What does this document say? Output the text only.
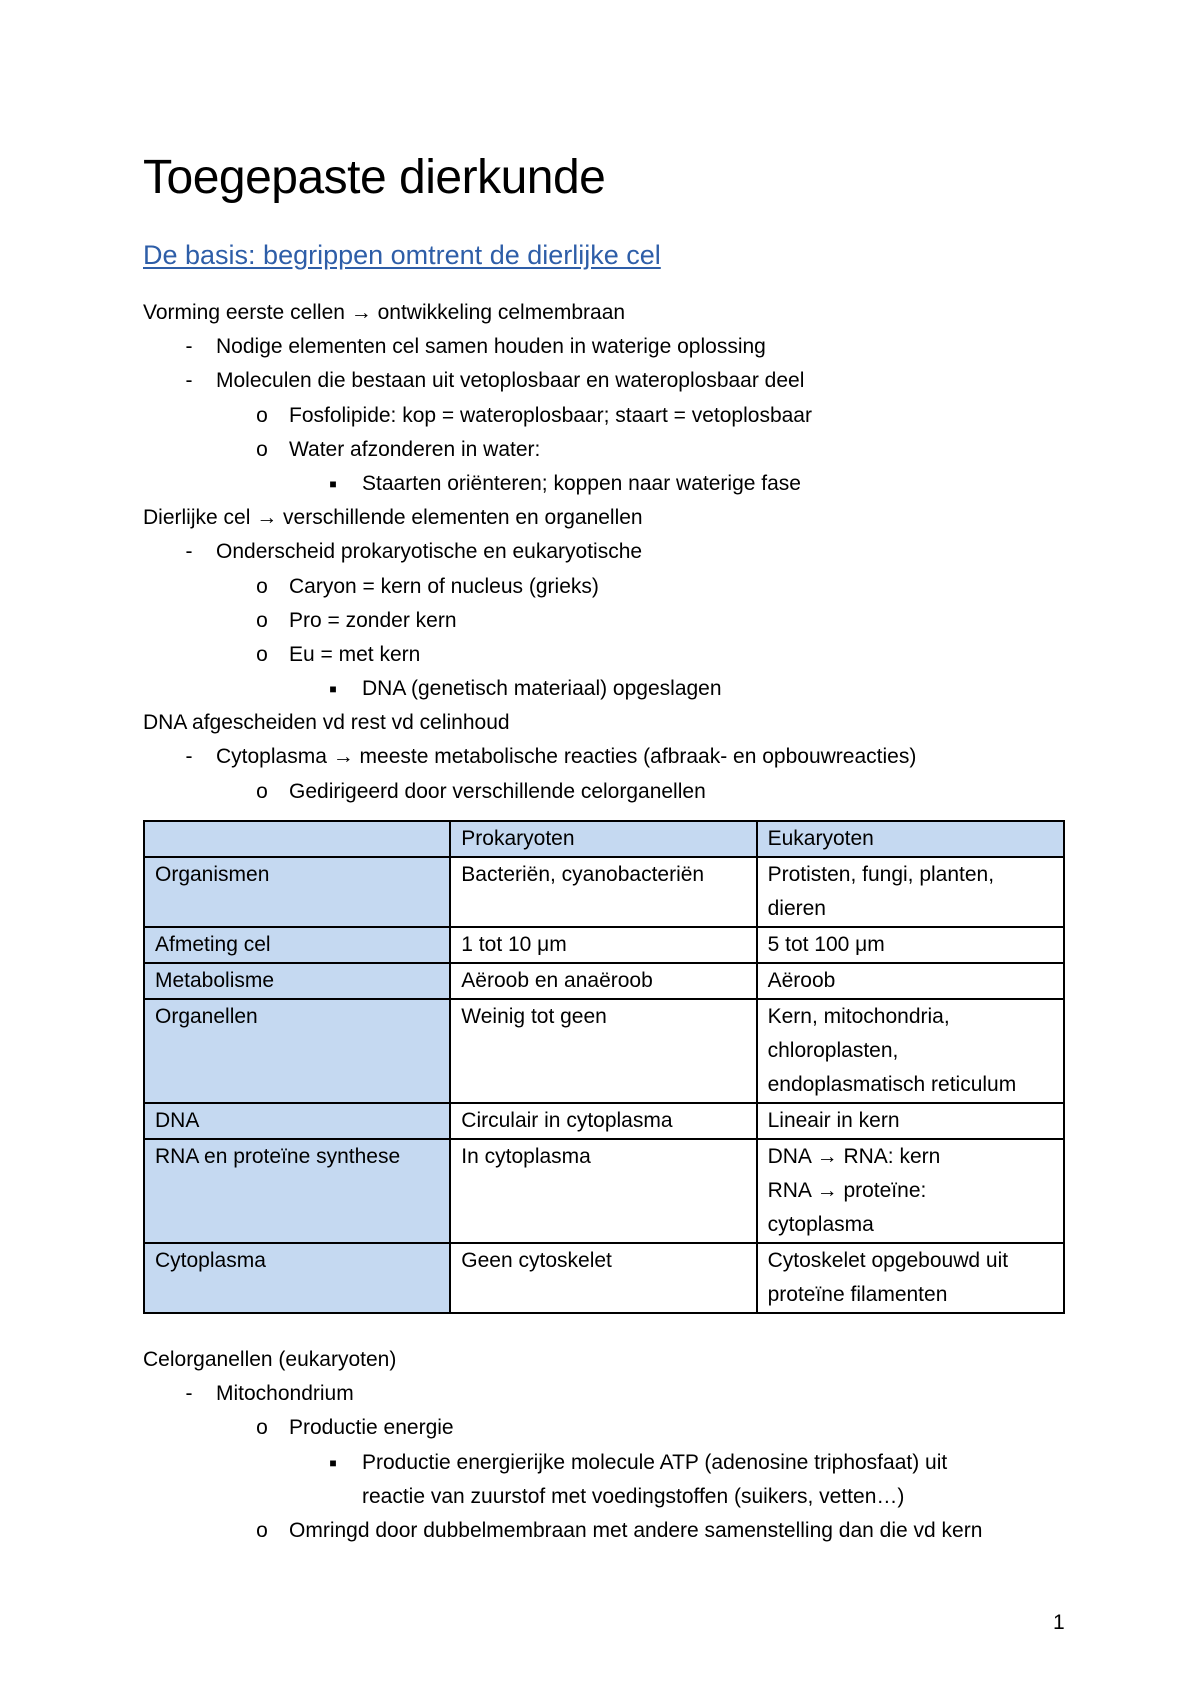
Toegepaste dierkunde
De basis: begrippen omtrent de dierlijke cel
Vorming eerste cellen → ontwikkeling celmembraan
- Nodige elementen cel samen houden in waterige oplossing
- Moleculen die bestaan uit vetoplosbaar en wateroplosbaar deel
o Fosfolipide: kop = wateroplosbaar; staart = vetoplosbaar
o Water afzonderen in water:
■ Staarten oriënteren; koppen naar waterige fase
Dierlijke cel → verschillende elementen en organellen
- Onderscheid prokaryotische en eukaryotische
o Caryon = kern of nucleus (grieks)
o Pro = zonder kern
o Eu = met kern
■ DNA (genetisch materiaal) opgeslagen
DNA afgescheiden vd rest vd celinhoud
- Cytoplasma → meeste metabolische reacties (afbraak- en opbouwreacties)
o Gedirigeerd door verschillende celorganellen
	Prokaryoten	Eukaryoten
Organismen	Bacteriën, cyanobacteriën	Protisten, fungi, planten,
dieren

Afmeting cel	1 tot 10 μm	5 tot 100 μm

Metabolisme	Aëroob en anaëroob	Aëroob

Organellen	Weinig tot geen	Kern, mitochondria,
chloroplasten,
endoplasmatisch reticulum

DNA	Circulair in cytoplasma	Lineair in kern

RNA en proteïne synthese	In cytoplasma	DNA → RNA: kern
RNA → proteïne:
cytoplasma

Cytoplasma	Geen cytoskelet	Cytoskelet opgebouwd uit
proteïne filamenten
Celorganellen (eukaryoten)
- Mitochondrium
o Productie energie
■ Productie energierijke molecule ATP (adenosine triphosfaat) uit
reactie van zuurstof met voedingstoffen (suikers, vetten…)
o Omringd door dubbelmembraan met andere samenstelling dan die vd kern
1
